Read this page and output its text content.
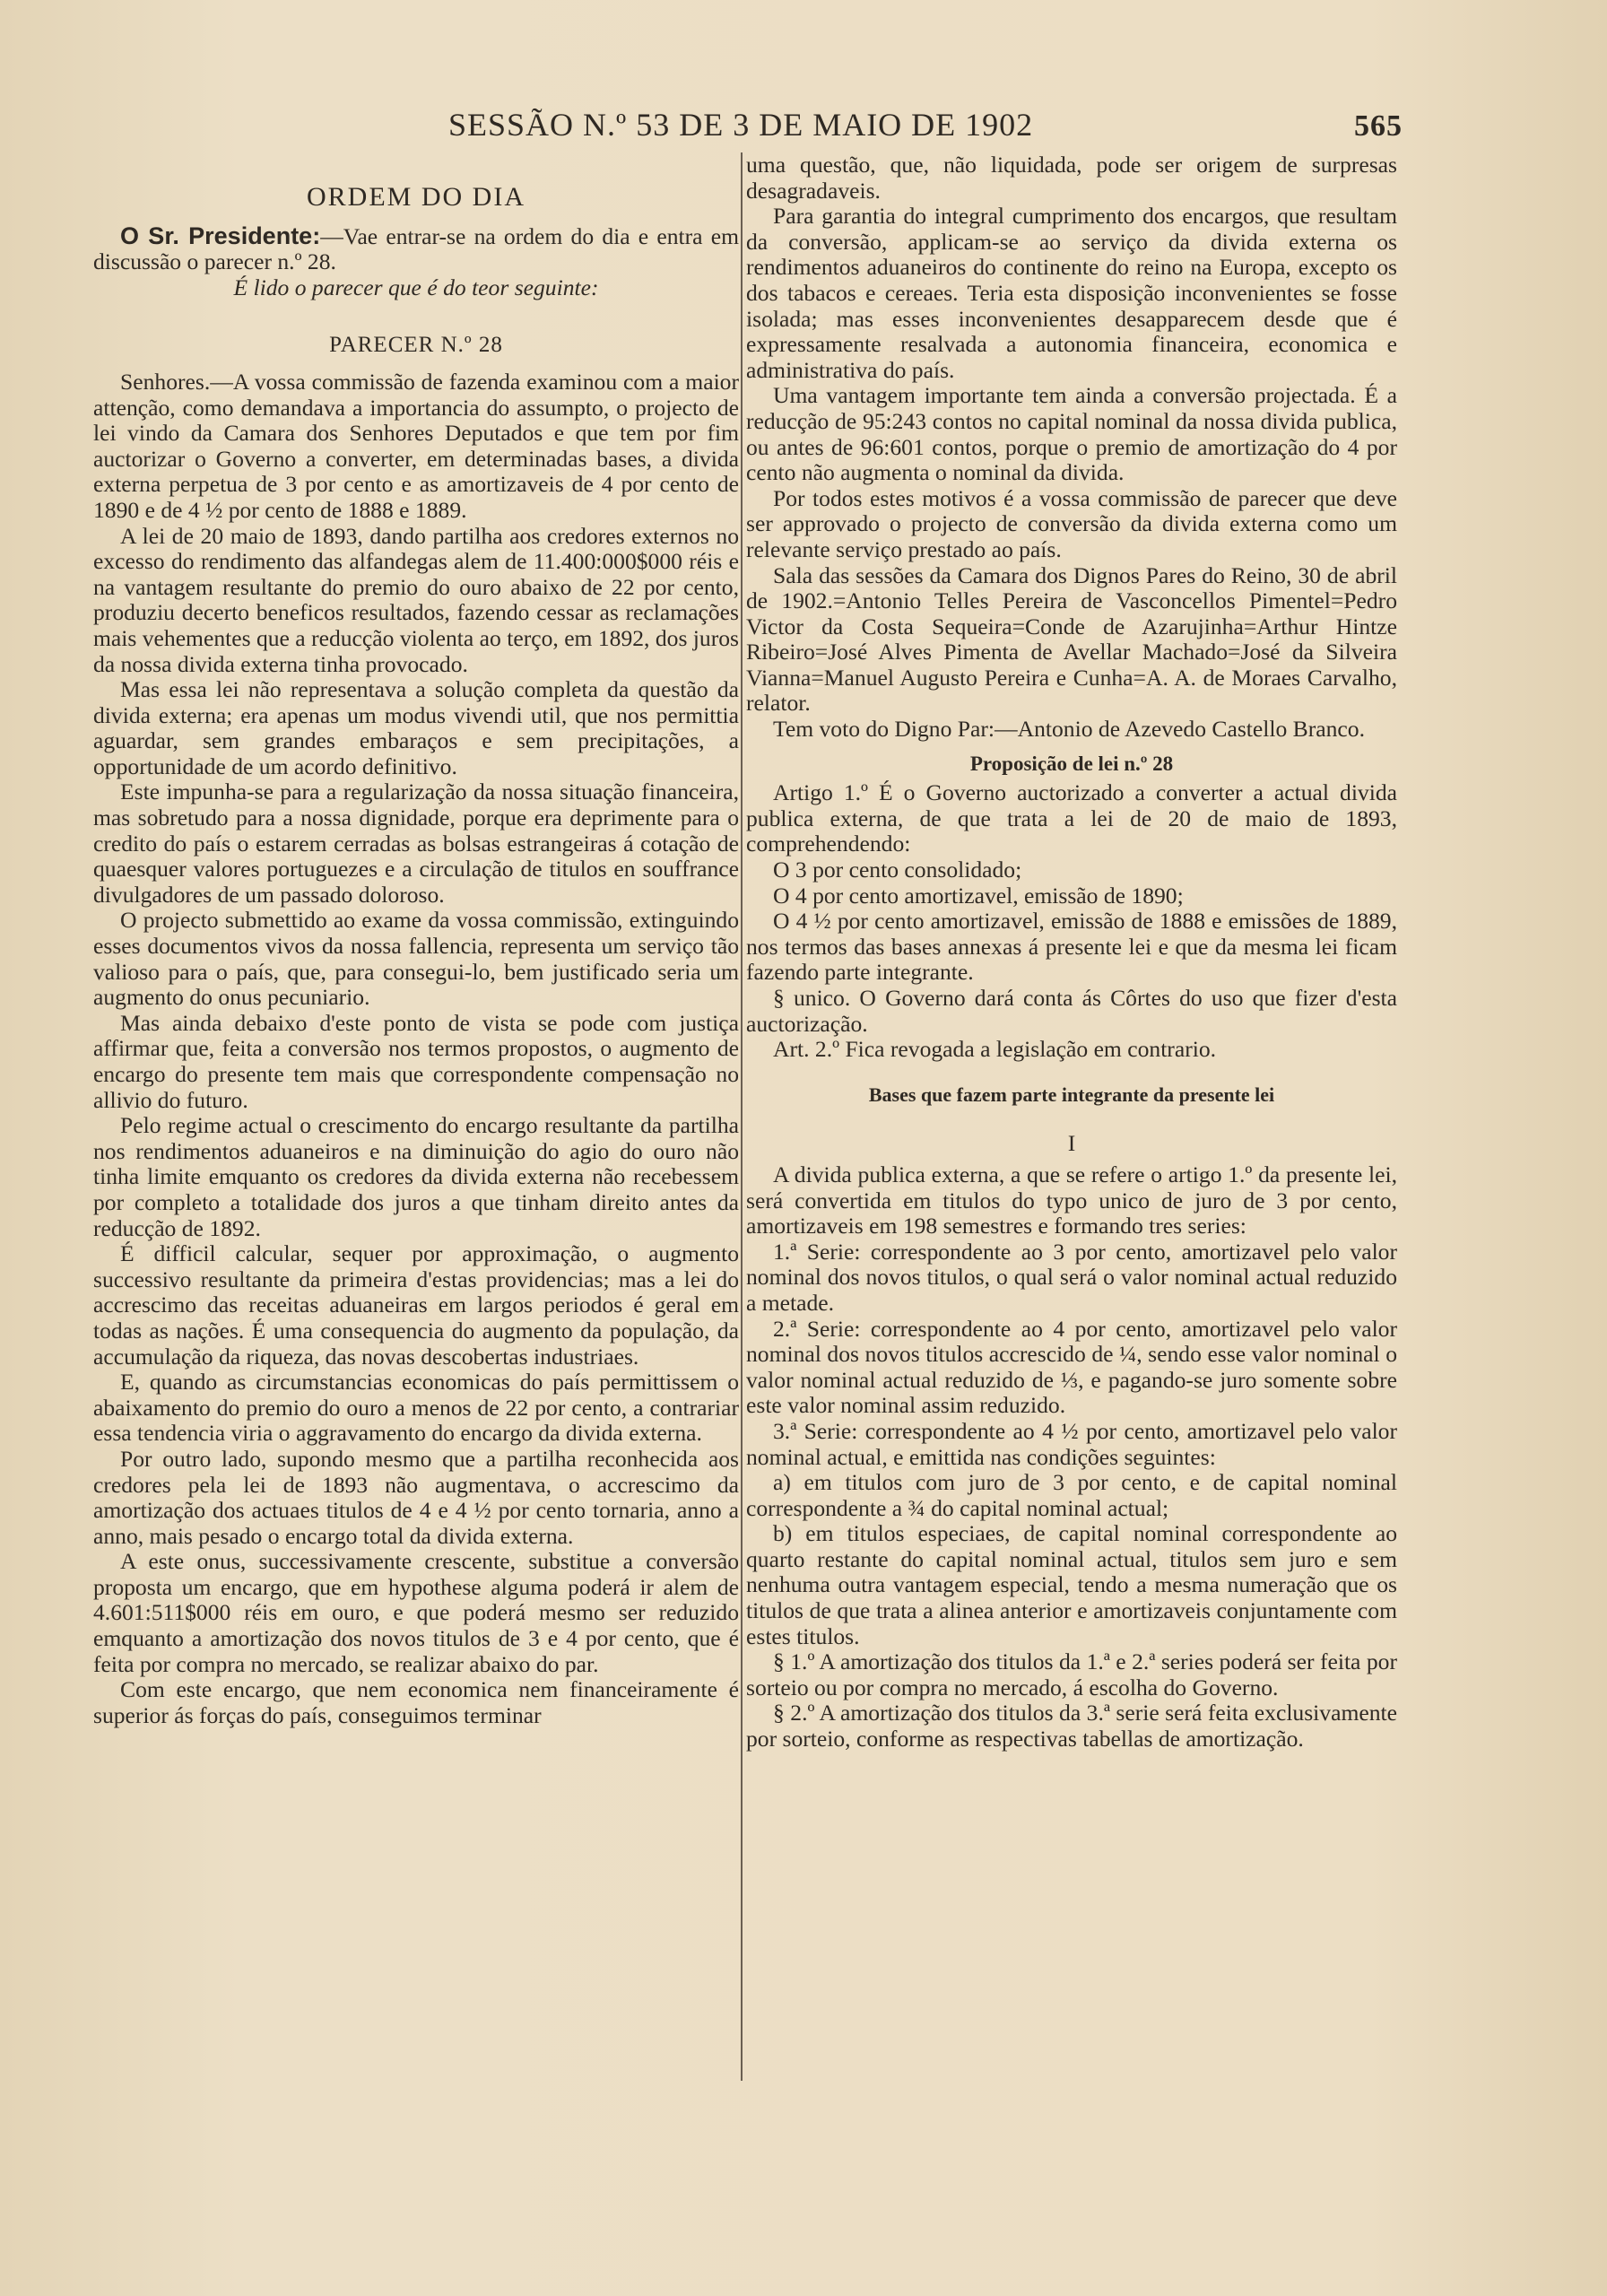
SESSÃO N.º 53 DE 3 DE MAIO DE 1902	565

ORDEM DO DIA

O Sr. Presidente:—Vae entrar-se na ordem do dia e entra em discussão o parecer n.º 28.

É lido o parecer que é do teor seguinte:

PARECER N.º 28

Senhores.—A vossa commissão de fazenda examinou com a maior attenção, como demandava a importancia do assumpto, o projecto de lei vindo da Camara dos Senhores Deputados e que tem por fim auctorizar o Governo a converter, em determinadas bases, a divida externa perpetua de 3 por cento e as amortizaveis de 4 por cento de 1890 e de 4 ½ por cento de 1888 e 1889.

A lei de 20 maio de 1893, dando partilha aos credores externos no excesso do rendimento das alfandegas alem de 11.400:000$000 réis e na vantagem resultante do premio do ouro abaixo de 22 por cento, produziu decerto beneficos resultados, fazendo cessar as reclamações mais vehementes que a reducção violenta ao terço, em 1892, dos juros da nossa divida externa tinha provocado.

Mas essa lei não representava a solução completa da questão da divida externa; era apenas um modus vivendi util, que nos permittia aguardar, sem grandes embaraços e sem precipitações, a opportunidade de um acordo definitivo.

Este impunha-se para a regularização da nossa situação financeira, mas sobretudo para a nossa dignidade, porque era deprimente para o credito do país o estarem cerradas as bolsas estrangeiras á cotação de quaesquer valores portuguezes e a circulação de titulos en souffrance divulgadores de um passado doloroso.

O projecto submettido ao exame da vossa commissão, extinguindo esses documentos vivos da nossa fallencia, representa um serviço tão valioso para o país, que, para consegui-lo, bem justificado seria um augmento do onus pecuniario.

Mas ainda debaixo d'este ponto de vista se pode com justiça affirmar que, feita a conversão nos termos propostos, o augmento de encargo do presente tem mais que correspondente compensação no allivio do futuro.

Pelo regime actual o crescimento do encargo resultante da partilha nos rendimentos aduaneiros e na diminuição do agio do ouro não tinha limite emquanto os credores da divida externa não recebessem por completo a totalidade dos juros a que tinham direito antes da reducção de 1892.

É difficil calcular, sequer por approximação, o augmento successivo resultante da primeira d'estas providencias; mas a lei do accrescimo das receitas aduaneiras em largos periodos é geral em todas as nações. É uma consequencia do augmento da população, da accumulação da riqueza, das novas descobertas industriaes.

E, quando as circumstancias economicas do país permittissem o abaixamento do premio do ouro a menos de 22 por cento, a contrariar essa tendencia viria o aggravamento do encargo da divida externa.

Por outro lado, supondo mesmo que a partilha reconhecida aos credores pela lei de 1893 não augmentava, o accrescimo da amortização dos actuaes titulos de 4 e 4 ½ por cento tornaria, anno a anno, mais pesado o encargo total da divida externa.

A este onus, successivamente crescente, substitue a conversão proposta um encargo, que em hypothese alguma poderá ir alem de 4.601:511$000 réis em ouro, e que poderá mesmo ser reduzido emquanto a amortização dos novos titulos de 3 e 4 por cento, que é feita por compra no mercado, se realizar abaixo do par.

Com este encargo, que nem economica nem financeiramente é superior ás forças do país, conseguimos terminar

uma questão, que, não liquidada, pode ser origem de surpresas desagradaveis.

Para garantia do integral cumprimento dos encargos, que resultam da conversão, applicam-se ao serviço da divida externa os rendimentos aduaneiros do continente do reino na Europa, excepto os dos tabacos e cereaes. Teria esta disposição inconvenientes se fosse isolada; mas esses inconvenientes desapparecem desde que é expressamente resalvada a autonomia financeira, economica e administrativa do país.

Uma vantagem importante tem ainda a conversão projectada. É a reducção de 95:243 contos no capital nominal da nossa divida publica, ou antes de 96:601 contos, porque o premio de amortização do 4 por cento não augmenta o nominal da divida.

Por todos estes motivos é a vossa commissão de parecer que deve ser approvado o projecto de conversão da divida externa como um relevante serviço prestado ao país.

Sala das sessões da Camara dos Dignos Pares do Reino, 30 de abril de 1902.=Antonio Telles Pereira de Vasconcellos Pimentel=Pedro Victor da Costa Sequeira=Conde de Azarujinha=Arthur Hintze Ribeiro=José Alves Pimenta de Avellar Machado=José da Silveira Vianna=Manuel Augusto Pereira e Cunha=A. A. de Moraes Carvalho, relator.

Tem voto do Digno Par:—Antonio de Azevedo Castello Branco.

Proposição de lei n.º 28

Artigo 1.º É o Governo auctorizado a converter a actual divida publica externa, de que trata a lei de 20 de maio de 1893, comprehendendo:

O 3 por cento consolidado;

O 4 por cento amortizavel, emissão de 1890;

O 4 ½ por cento amortizavel, emissão de 1888 e emissões de 1889, nos termos das bases annexas á presente lei e que da mesma lei ficam fazendo parte integrante.

§ unico. O Governo dará conta ás Côrtes do uso que fizer d'esta auctorização.

Art. 2.º Fica revogada a legislação em contrario.

Bases que fazem parte integrante da presente lei

I

A divida publica externa, a que se refere o artigo 1.º da presente lei, será convertida em titulos do typo unico de juro de 3 por cento, amortizaveis em 198 semestres e formando tres series:

1.ª Serie: correspondente ao 3 por cento, amortizavel pelo valor nominal dos novos titulos, o qual será o valor nominal actual reduzido a metade.

2.ª Serie: correspondente ao 4 por cento, amortizavel pelo valor nominal dos novos titulos accrescido de ¼, sendo esse valor nominal o valor nominal actual reduzido de ⅓, e pagando-se juro somente sobre este valor nominal assim reduzido.

3.ª Serie: correspondente ao 4 ½ por cento, amortizavel pelo valor nominal actual, e emittida nas condições seguintes:

a) em titulos com juro de 3 por cento, e de capital nominal correspondente a ¾ do capital nominal actual;

b) em titulos especiaes, de capital nominal correspondente ao quarto restante do capital nominal actual, titulos sem juro e sem nenhuma outra vantagem especial, tendo a mesma numeração que os titulos de que trata a alinea anterior e amortizaveis conjuntamente com estes titulos.

§ 1.º A amortização dos titulos da 1.ª e 2.ª series poderá ser feita por sorteio ou por compra no mercado, á escolha do Governo.

§ 2.º A amortização dos titulos da 3.ª serie será feita exclusivamente por sorteio, conforme as respectivas tabellas de amortização.
